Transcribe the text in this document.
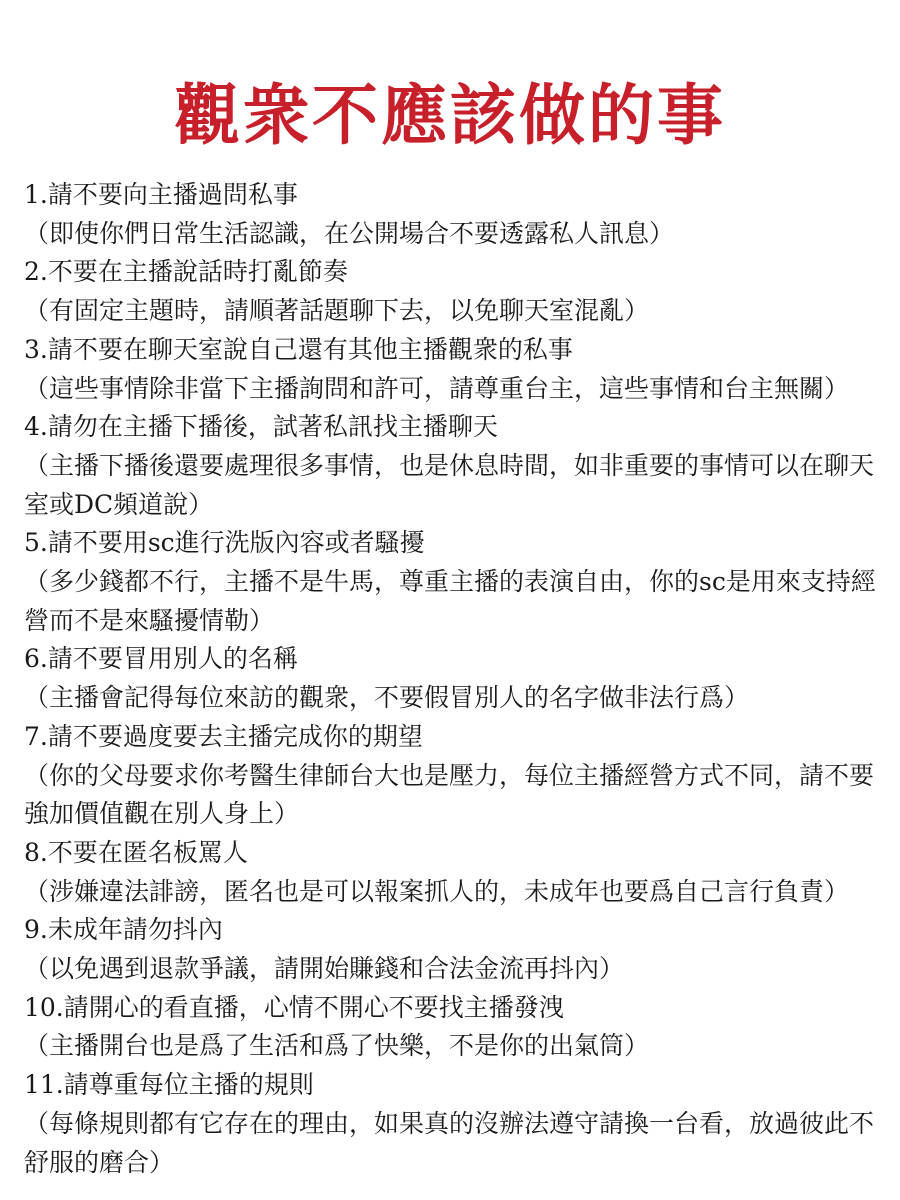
觀衆不應該做的事
1.請不要向主播過問私事
（即使你們日常生活認識，在公開場合不要透露私人訊息）
2.不要在主播說話時打亂節奏
（有固定主題時，請順著話題聊下去，以免聊天室混亂）
3.請不要在聊天室說自己還有其他主播觀衆的私事
（這些事情除非當下主播詢問和許可，請尊重台主，這些事情和台主無關）
4.請勿在主播下播後，試著私訊找主播聊天
（主播下播後還要處理很多事情，也是休息時間，如非重要的事情可以在聊天室或DC頻道說）
5.請不要用sc進行洗版內容或者騷擾
（多少錢都不行，主播不是牛馬，尊重主播的表演自由，你的sc是用來支持經營而不是來騷擾情勒）
6.請不要冒用別人的名稱
（主播會記得每位來訪的觀衆，不要假冒別人的名字做非法行爲）
7.請不要過度要去主播完成你的期望
（你的父母要求你考醫生律師台大也是壓力，每位主播經營方式不同，請不要強加價值觀在別人身上）
8.不要在匿名板罵人
（涉嫌違法誹謗，匿名也是可以報案抓人的，未成年也要爲自己言行負責）
9.未成年請勿抖內
（以免遇到退款爭議，請開始賺錢和合法金流再抖內）
10.請開心的看直播，心情不開心不要找主播發洩
（主播開台也是爲了生活和爲了快樂，不是你的出氣筒）
11.請尊重每位主播的規則
（每條規則都有它存在的理由，如果真的沒辦法遵守請換一台看，放過彼此不舒服的磨合）
